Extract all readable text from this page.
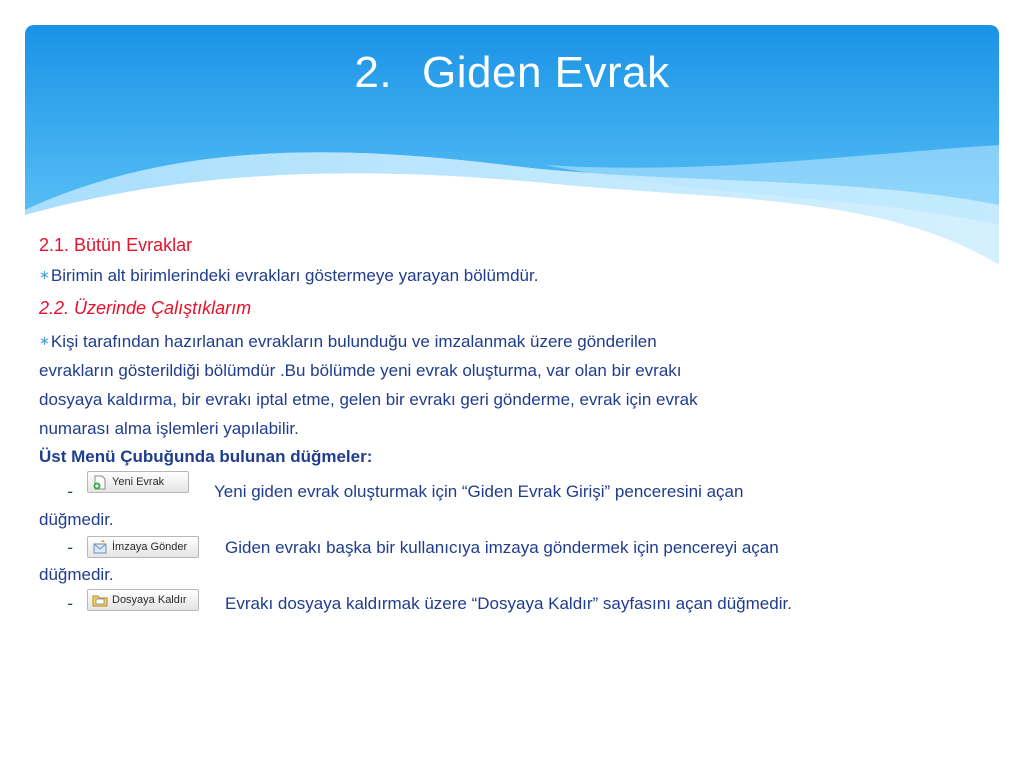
2. Giden Evrak
2.1. Bütün Evraklar
∗Birimin alt birimlerindeki evrakları göstermeye yarayan bölümdür.
2.2. Üzerinde Çalıştıklarım
∗Kişi tarafından hazırlanan evrakların bulunduğu ve imzalanmak üzere gönderilen
evrakların gösterildiği bölümdür .Bu bölümde yeni evrak oluşturma, var olan bir evrakı
dosyaya kaldırma, bir evrakı iptal etme, gelen bir evrakı geri gönderme, evrak için evrak
numarası alma işlemleri yapılabilir.
Üst Menü Çubuğunda bulunan düğmeler:
-	Yeni Evrak	Yeni giden evrak oluşturmak için “Giden Evrak Girişi” penceresini açan
düğmedir.
-	İmzaya Gönder	Giden evrakı başka bir kullanıcıya imzaya göndermek için pencereyi açan
düğmedir.
-	Dosyaya Kaldır	Evrakı dosyaya kaldırmak üzere “Dosyaya Kaldır” sayfasını açan düğmedir.
